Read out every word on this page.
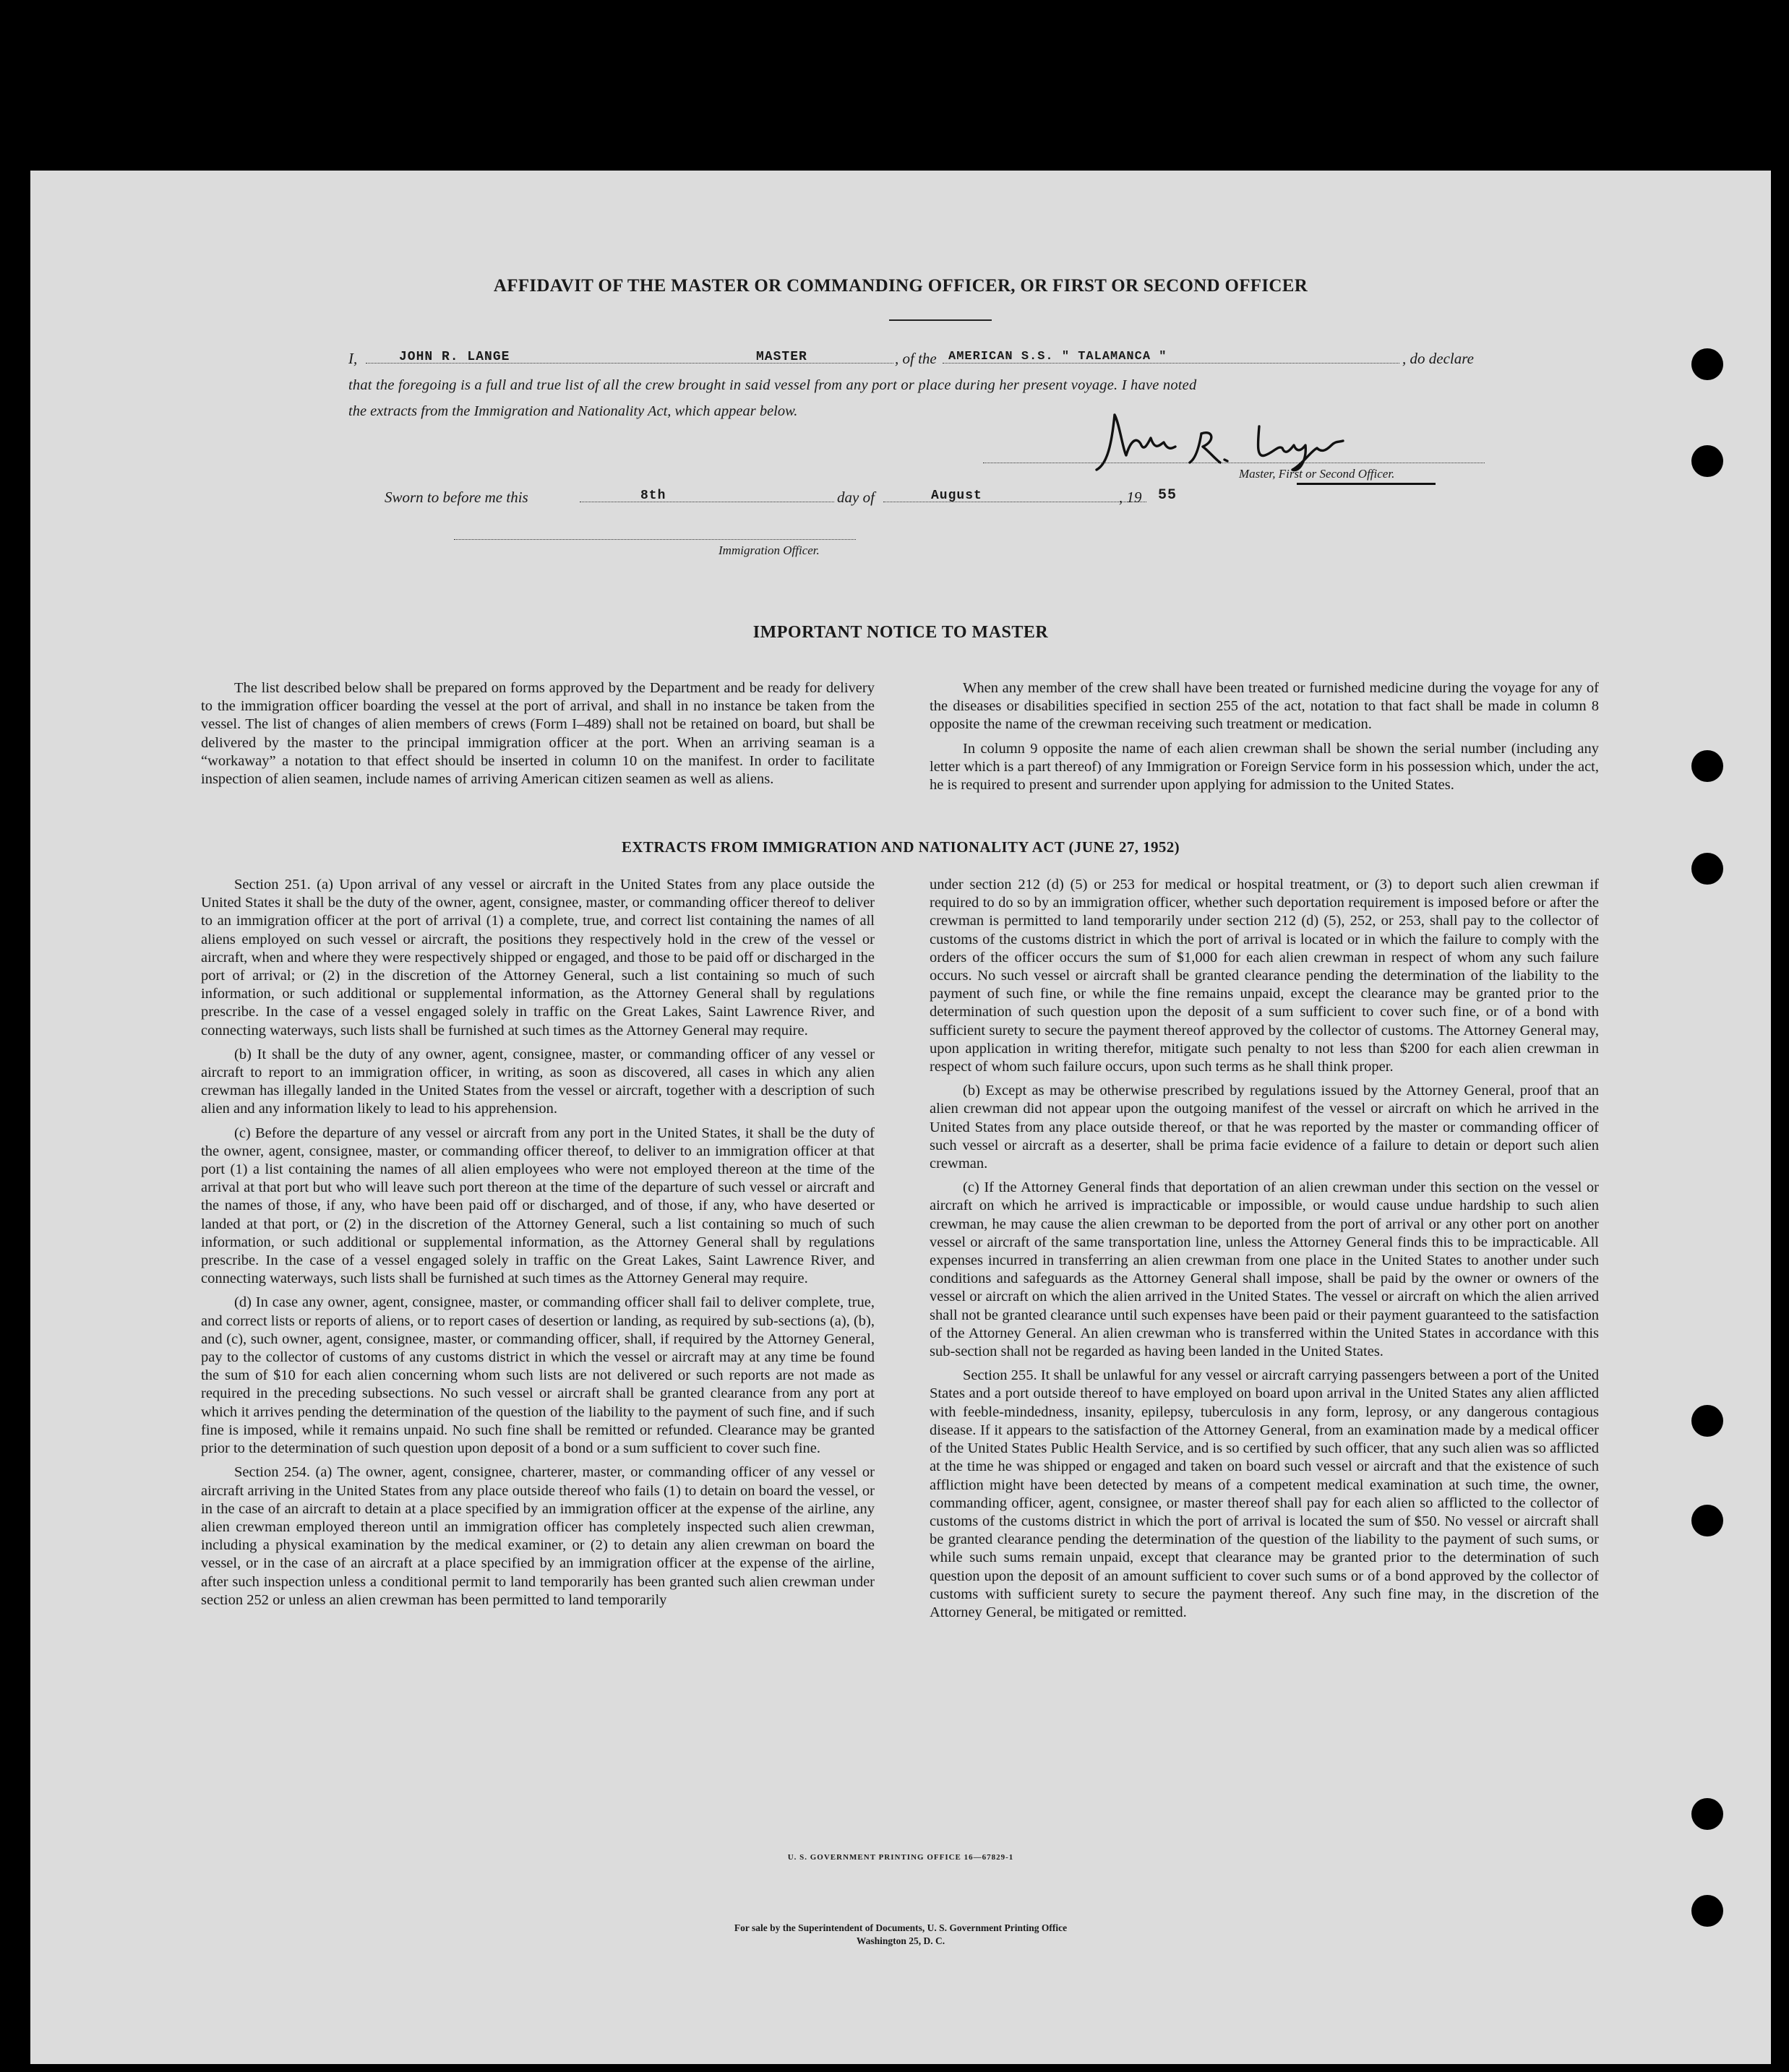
AFFIDAVIT OF THE MASTER OR COMMANDING OFFICER, OR FIRST OR SECOND OFFICER
I,	JOHN R. LANGE	MASTER	, of the AMERICAN S.S. " TALAMANCA "	, do declare
that the foregoing is a full and true list of all the crew brought in said vessel from any port or place during her present voyage. I have noted
the extracts from the Immigration and Nationality Act, which appear below.
Master, First or Second Officer.
Sworn to before me this	8th	day of	August	, 19 55
Immigration Officer.
IMPORTANT NOTICE TO MASTER

The list described below shall be prepared on forms approved by the Department and be ready for delivery to the immigration officer boarding the vessel at the port of arrival, and shall in no instance be taken from the vessel. The list of changes of alien members of crews (Form I–489) shall not be retained on board, but shall be delivered by the master to the principal immigration officer at the port. When an arriving seaman is a “workaway” a notation to that effect should be inserted in column 10 on the manifest. In order to facilitate inspection of alien seamen, include names of arriving American citizen seamen as well as aliens.

When any member of the crew shall have been treated or furnished medicine during the voyage for any of the diseases or disabilities specified in section 255 of the act, notation to that fact shall be made in column 8 opposite the name of the crewman receiving such treatment or medication.

In column 9 opposite the name of each alien crewman shall be shown the serial number (including any letter which is a part thereof) of any Immigration or Foreign Service form in his possession which, under the act, he is required to present and surrender upon applying for admission to the United States.

EXTRACTS FROM IMMIGRATION AND NATIONALITY ACT (JUNE 27, 1952)

Section 251. (a) Upon arrival of any vessel or aircraft in the United States from any place outside the United States it shall be the duty of the owner, agent, consignee, master, or commanding officer thereof to deliver to an immigration officer at the port of arrival (1) a complete, true, and correct list containing the names of all aliens employed on such vessel or aircraft, the positions they respectively hold in the crew of the vessel or aircraft, when and where they were respectively shipped or engaged, and those to be paid off or discharged in the port of arrival; or (2) in the discretion of the Attorney General, such a list containing so much of such information, or such additional or supplemental information, as the Attorney General shall by regulations prescribe. In the case of a vessel engaged solely in traffic on the Great Lakes, Saint Lawrence River, and connecting waterways, such lists shall be furnished at such times as the Attorney General may require.

(b) It shall be the duty of any owner, agent, consignee, master, or commanding officer of any vessel or aircraft to report to an immigration officer, in writing, as soon as discovered, all cases in which any alien crewman has illegally landed in the United States from the vessel or aircraft, together with a description of such alien and any information likely to lead to his apprehension.

(c) Before the departure of any vessel or aircraft from any port in the United States, it shall be the duty of the owner, agent, consignee, master, or commanding officer thereof, to deliver to an immigration officer at that port (1) a list containing the names of all alien employees who were not employed thereon at the time of the arrival at that port but who will leave such port thereon at the time of the departure of such vessel or aircraft and the names of those, if any, who have been paid off or discharged, and of those, if any, who have deserted or landed at that port, or (2) in the discretion of the Attorney General, such a list containing so much of such information, or such additional or supplemental information, as the Attorney General shall by regulations prescribe. In the case of a vessel engaged solely in traffic on the Great Lakes, Saint Lawrence River, and connecting waterways, such lists shall be furnished at such times as the Attorney General may require.

(d) In case any owner, agent, consignee, master, or commanding officer shall fail to deliver complete, true, and correct lists or reports of aliens, or to report cases of desertion or landing, as required by sub-sections (a), (b), and (c), such owner, agent, consignee, master, or commanding officer, shall, if required by the Attorney General, pay to the collector of customs of any customs district in which the vessel or aircraft may at any time be found the sum of $10 for each alien concerning whom such lists are not delivered or such reports are not made as required in the preceding subsections. No such vessel or aircraft shall be granted clearance from any port at which it arrives pending the determination of the question of the liability to the payment of such fine, and if such fine is imposed, while it remains unpaid. No such fine shall be remitted or refunded. Clearance may be granted prior to the determination of such question upon deposit of a bond or a sum sufficient to cover such fine.

Section 254. (a) The owner, agent, consignee, charterer, master, or commanding officer of any vessel or aircraft arriving in the United States from any place outside thereof who fails (1) to detain on board the vessel, or in the case of an aircraft to detain at a place specified by an immigration officer at the expense of the airline, any alien crewman employed thereon until an immigration officer has completely inspected such alien crewman, including a physical examination by the medical examiner, or (2) to detain any alien crewman on board the vessel, or in the case of an aircraft at a place specified by an immigration officer at the expense of the airline, after such inspection unless a conditional permit to land temporarily has been granted such alien crewman under section 252 or unless an alien crewman has been permitted to land temporarily

under section 212 (d) (5) or 253 for medical or hospital treatment, or (3) to deport such alien crewman if required to do so by an immigration officer, whether such deportation requirement is imposed before or after the crewman is permitted to land temporarily under section 212 (d) (5), 252, or 253, shall pay to the collector of customs of the customs district in which the port of arrival is located or in which the failure to comply with the orders of the officer occurs the sum of $1,000 for each alien crewman in respect of whom any such failure occurs. No such vessel or aircraft shall be granted clearance pending the determination of the liability to the payment of such fine, or while the fine remains unpaid, except the clearance may be granted prior to the determination of such question upon the deposit of a sum sufficient to cover such fine, or of a bond with sufficient surety to secure the payment thereof approved by the collector of customs. The Attorney General may, upon application in writing therefor, mitigate such penalty to not less than $200 for each alien crewman in respect of whom such failure occurs, upon such terms as he shall think proper.

(b) Except as may be otherwise prescribed by regulations issued by the Attorney General, proof that an alien crewman did not appear upon the outgoing manifest of the vessel or aircraft on which he arrived in the United States from any place outside thereof, or that he was reported by the master or commanding officer of such vessel or aircraft as a deserter, shall be prima facie evidence of a failure to detain or deport such alien crewman.

(c) If the Attorney General finds that deportation of an alien crewman under this section on the vessel or aircraft on which he arrived is impracticable or impossible, or would cause undue hardship to such alien crewman, he may cause the alien crewman to be deported from the port of arrival or any other port on another vessel or aircraft of the same transportation line, unless the Attorney General finds this to be impracticable. All expenses incurred in transferring an alien crewman from one place in the United States to another under such conditions and safeguards as the Attorney General shall impose, shall be paid by the owner or owners of the vessel or aircraft on which the alien arrived in the United States. The vessel or aircraft on which the alien arrived shall not be granted clearance until such expenses have been paid or their payment guaranteed to the satisfaction of the Attorney General. An alien crewman who is transferred within the United States in accordance with this sub-section shall not be regarded as having been landed in the United States.

Section 255. It shall be unlawful for any vessel or aircraft carrying passengers between a port of the United States and a port outside thereof to have employed on board upon arrival in the United States any alien afflicted with feeble-mindedness, insanity, epilepsy, tuberculosis in any form, leprosy, or any dangerous contagious disease. If it appears to the satisfaction of the Attorney General, from an examination made by a medical officer of the United States Public Health Service, and is so certified by such officer, that any such alien was so afflicted at the time he was shipped or engaged and taken on board such vessel or aircraft and that the existence of such affliction might have been detected by means of a competent medical examination at such time, the owner, commanding officer, agent, consignee, or master thereof shall pay for each alien so afflicted to the collector of customs of the customs district in which the port of arrival is located the sum of $50. No vessel or aircraft shall be granted clearance pending the determination of the question of the liability to the payment of such sums, or while such sums remain unpaid, except that clearance may be granted prior to the determination of such question upon the deposit of an amount sufficient to cover such sums or of a bond approved by the collector of customs with sufficient surety to secure the payment thereof. Any such fine may, in the discretion of the Attorney General, be mitigated or remitted.

U. S. GOVERNMENT PRINTING OFFICE 16—67829-1
For sale by the Superintendent of Documents, U. S. Government Printing Office
Washington 25, D. C.
